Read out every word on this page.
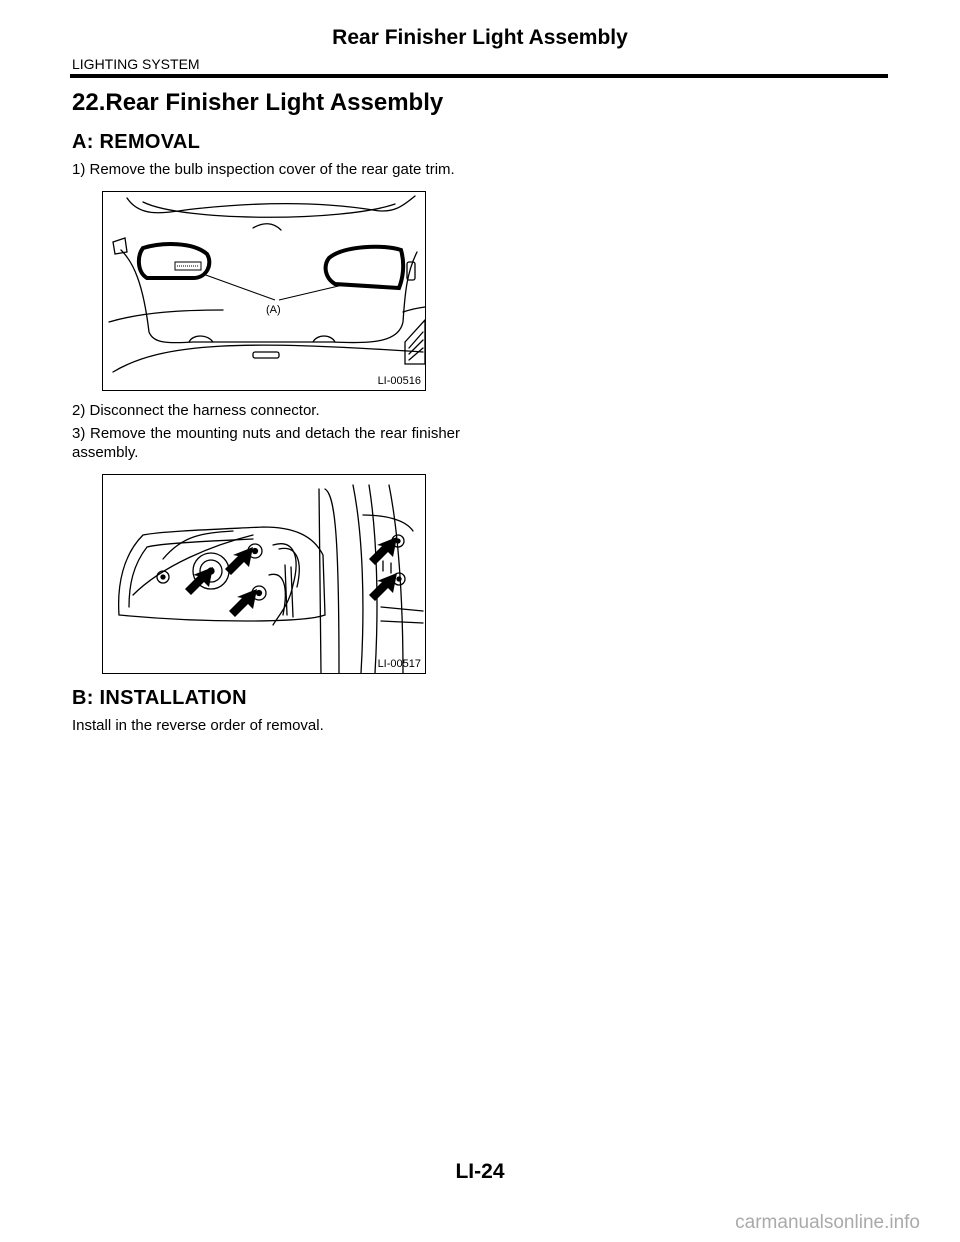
Rear Finisher Light Assembly
LIGHTING SYSTEM
22.Rear Finisher Light Assembly
A: REMOVAL

1) Remove the bulb inspection cover of the rear gate trim.

(A)
LI-00516

2) Disconnect the harness connector.

3) Remove the mounting nuts and detach the rear finisher assembly.

LI-00517
B: INSTALLATION

Install in the reverse order of removal.

LI-24
carmanualsonline.info
